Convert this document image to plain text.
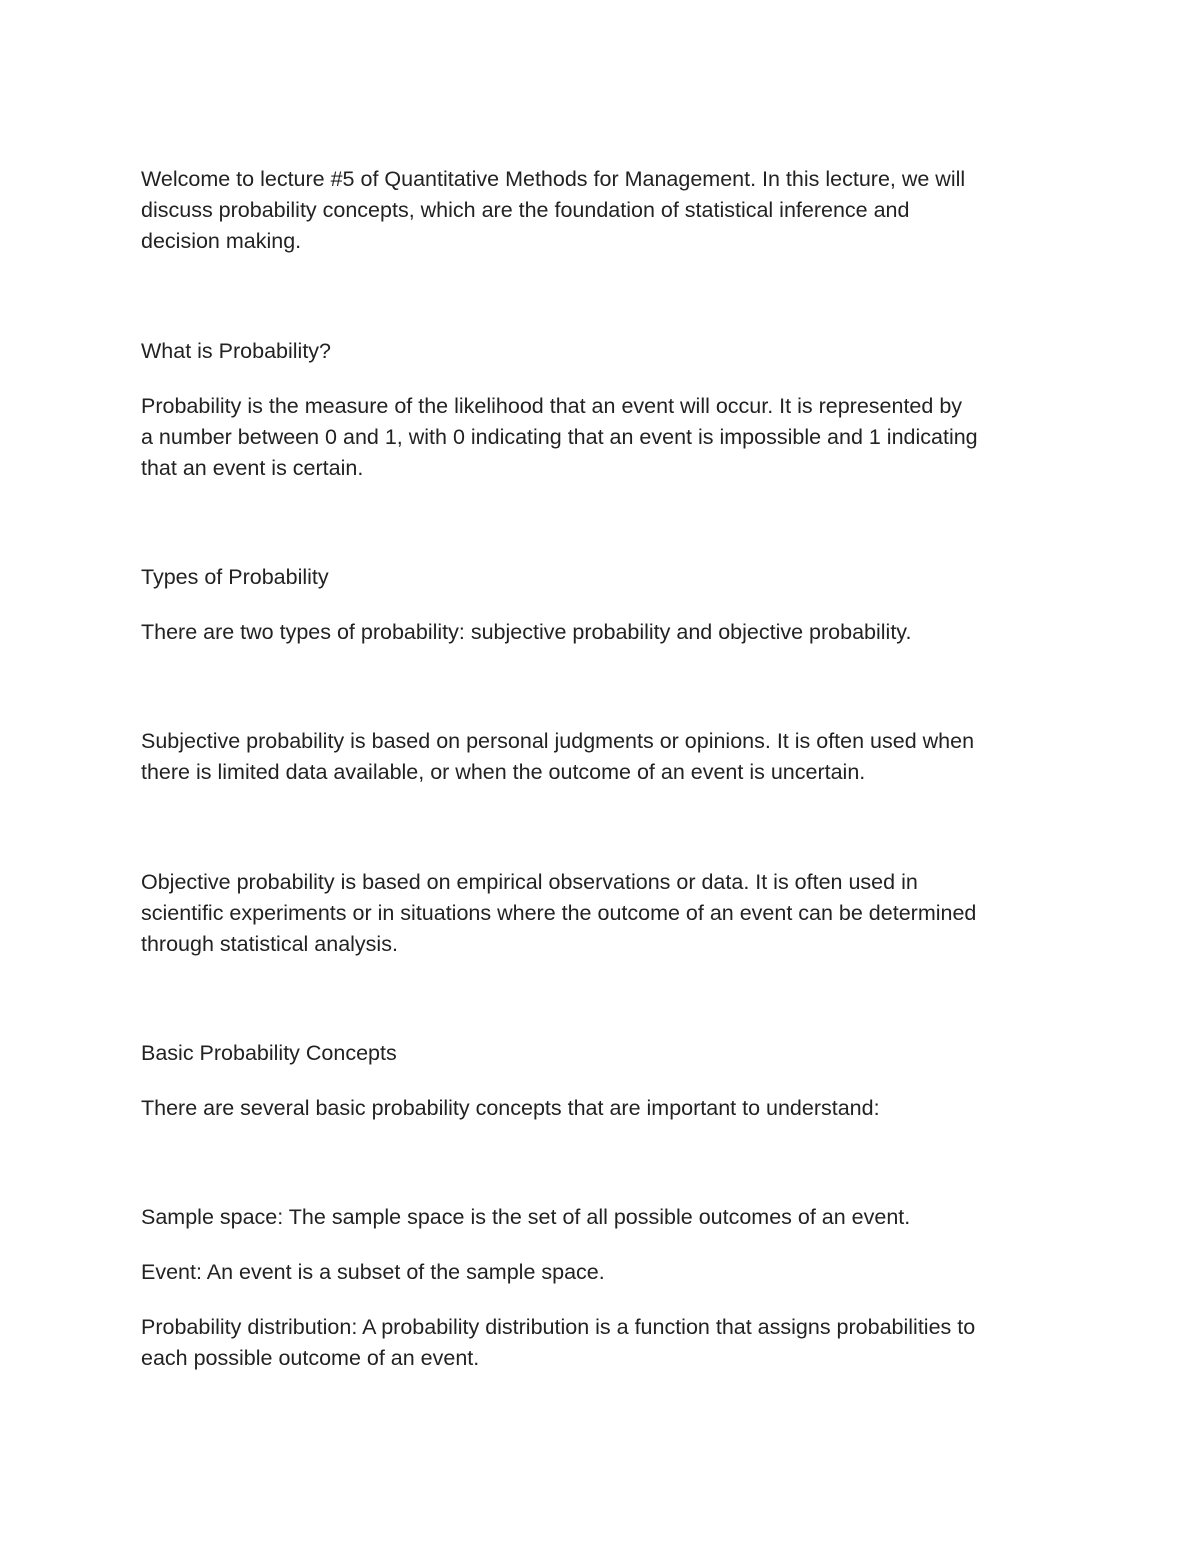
Welcome to lecture #5 of Quantitative Methods for Management. In this lecture, we will
discuss probability concepts, which are the foundation of statistical inference and
decision making.

What is Probability?

Probability is the measure of the likelihood that an event will occur. It is represented by
a number between 0 and 1, with 0 indicating that an event is impossible and 1 indicating
that an event is certain.

Types of Probability

There are two types of probability: subjective probability and objective probability.

Subjective probability is based on personal judgments or opinions. It is often used when
there is limited data available, or when the outcome of an event is uncertain.

Objective probability is based on empirical observations or data. It is often used in
scientific experiments or in situations where the outcome of an event can be determined
through statistical analysis.

Basic Probability Concepts

There are several basic probability concepts that are important to understand:

Sample space: The sample space is the set of all possible outcomes of an event.

Event: An event is a subset of the sample space.

Probability distribution: A probability distribution is a function that assigns probabilities to
each possible outcome of an event.
